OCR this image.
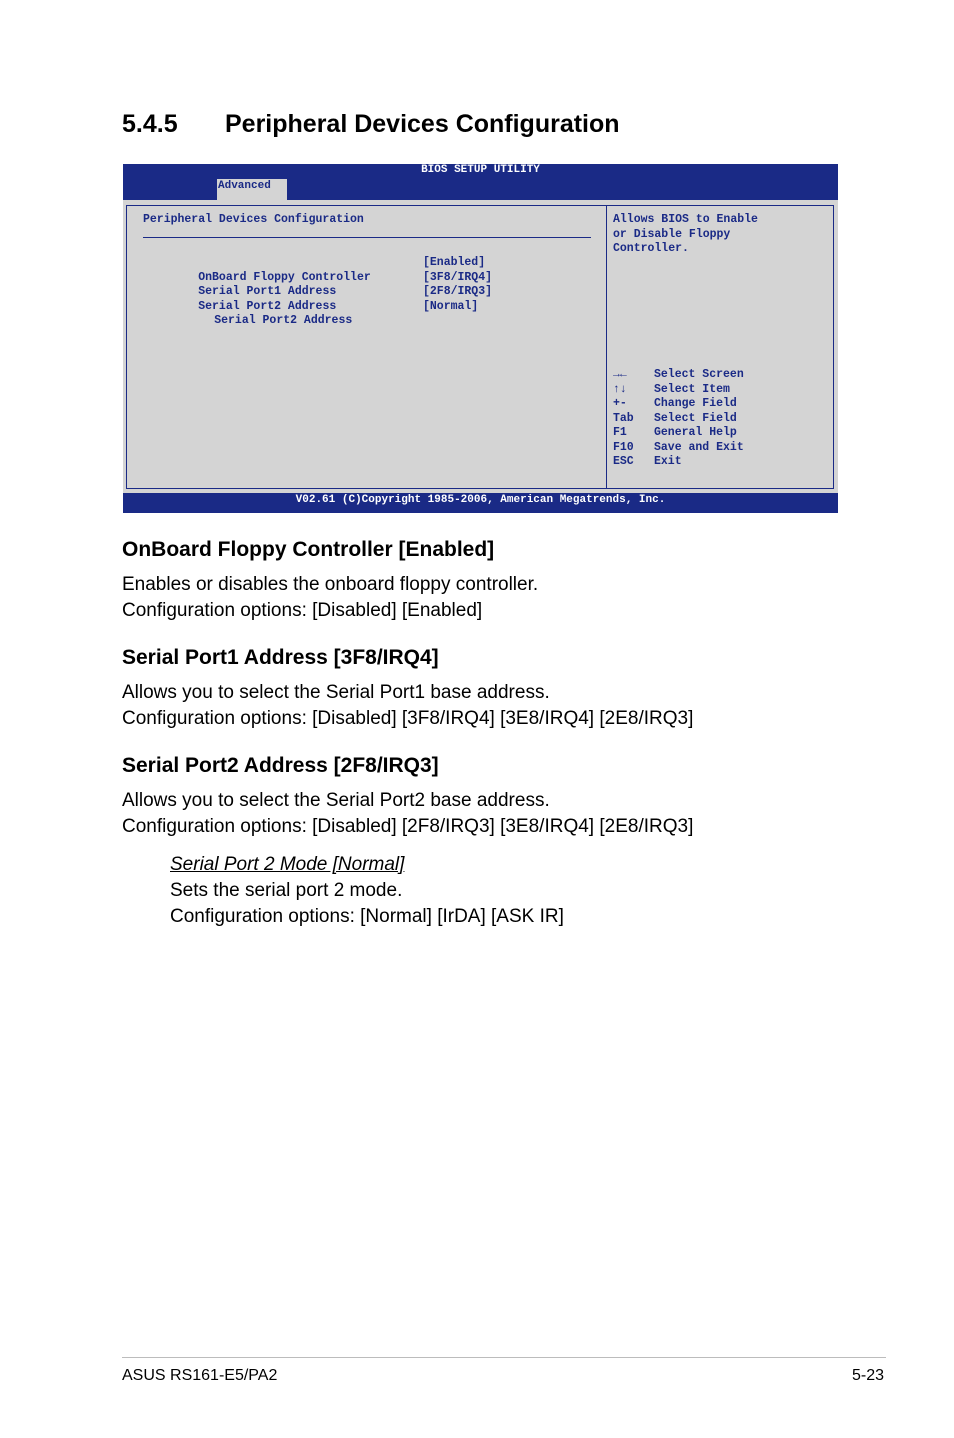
5.4.5 Peripheral Devices Configuration
BIOS SETUP UTILITY
Advanced
Peripheral Devices Configuration

OnBoard Floppy Controller

[Enabled]

Serial Port1 Address

[3F8/IRQ4]

Serial Port2 Address

[2F8/IRQ3]

Serial Port2 Address

[Normal]

Allows BIOS to Enable
or Disable Floppy
Controller.
→← Select Screen
↑↓ Select Item
+- Change Field
Tab Select Field
F1 General Help
F10 Save and Exit
ESC Exit
V02.61 (C)Copyright 1985-2006, American Megatrends, Inc.
OnBoard Floppy Controller [Enabled]
Enables or disables the onboard floppy controller.
Configuration options: [Disabled] [Enabled]
Serial Port1 Address [3F8/IRQ4]
Allows you to select the Serial Port1 base address.
Configuration options: [Disabled] [3F8/IRQ4] [3E8/IRQ4] [2E8/IRQ3]
Serial Port2 Address [2F8/IRQ3]
Allows you to select the Serial Port2 base address.
Configuration options: [Disabled] [2F8/IRQ3] [3E8/IRQ4] [2E8/IRQ3]
Serial Port 2 Mode [Normal]
Sets the serial port 2 mode.
Configuration options: [Normal] [IrDA] [ASK IR]
ASUS RS161-E5/PA2	5-23
